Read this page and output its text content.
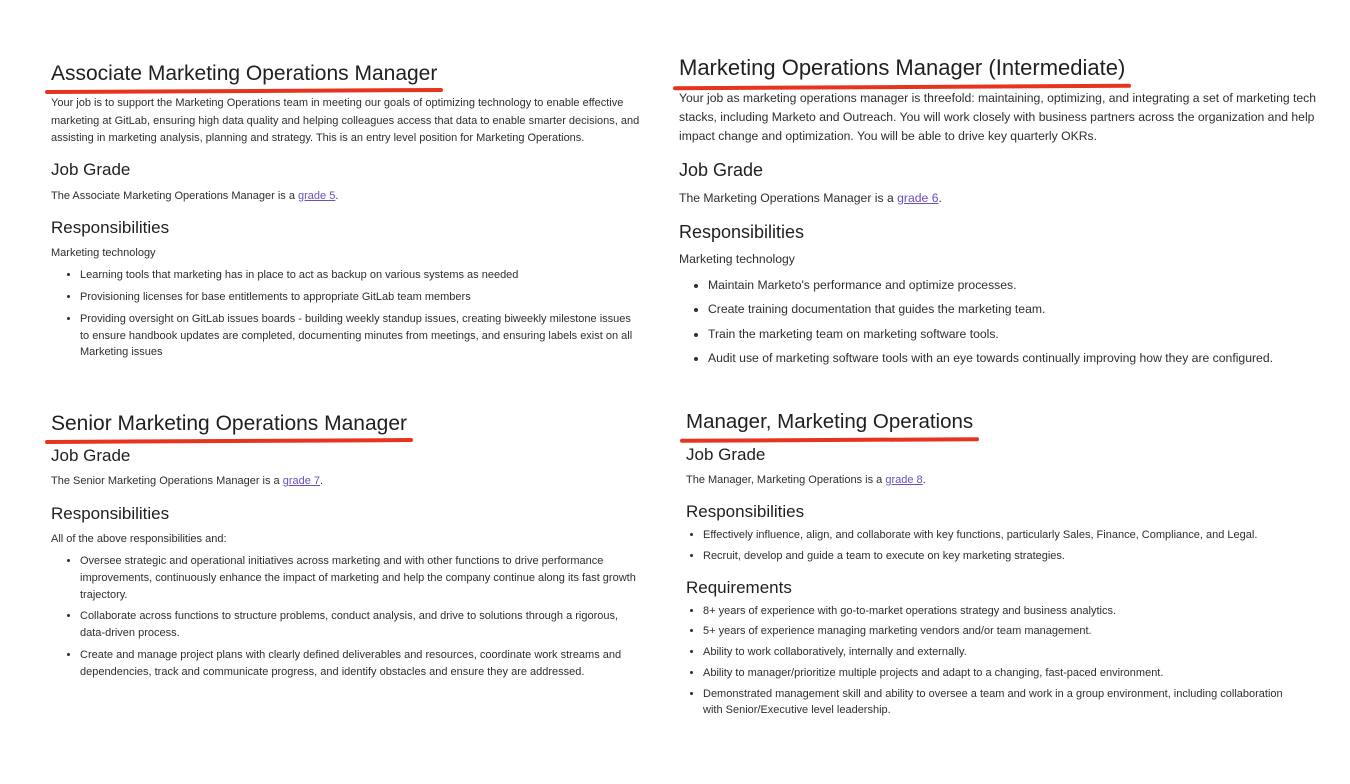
Associate Marketing Operations Manager

Your job is to support the Marketing Operations team in meeting our goals of optimizing technology to enable effective marketing at GitLab, ensuring high data quality and helping colleagues access that data to enable smarter decisions, and assisting in marketing analysis, planning and strategy. This is an entry level position for Marketing Operations.

Job Grade

The Associate Marketing Operations Manager is a grade 5.

Responsibilities

Marketing technology

• Learning tools that marketing has in place to act as backup on various systems as needed
• Provisioning licenses for base entitlements to appropriate GitLab team members
• Providing oversight on GitLab issues boards - building weekly standup issues, creating biweekly milestone issues to ensure handbook updates are completed, documenting minutes from meetings, and ensuring labels exist on all Marketing issues
Marketing Operations Manager (Intermediate)

Your job as marketing operations manager is threefold: maintaining, optimizing, and integrating a set of marketing tech stacks, including Marketo and Outreach. You will work closely with business partners across the organization and help impact change and optimization. You will be able to drive key quarterly OKRs.

Job Grade

The Marketing Operations Manager is a grade 6.

Responsibilities

Marketing technology

• Maintain Marketo's performance and optimize processes.
• Create training documentation that guides the marketing team.
• Train the marketing team on marketing software tools.
• Audit use of marketing software tools with an eye towards continually improving how they are configured.
Senior Marketing Operations Manager
Job Grade

The Senior Marketing Operations Manager is a grade 7.

Responsibilities

All of the above responsibilities and:

• Oversee strategic and operational initiatives across marketing and with other functions to drive performance improvements, continuously enhance the impact of marketing and help the company continue along its fast growth trajectory.
• Collaborate across functions to structure problems, conduct analysis, and drive to solutions through a rigorous, data-driven process.
• Create and manage project plans with clearly defined deliverables and resources, coordinate work streams and dependencies, track and communicate progress, and identify obstacles and ensure they are addressed.
Manager, Marketing Operations
Job Grade

The Manager, Marketing Operations is a grade 8.

Responsibilities
• Effectively influence, align, and collaborate with key functions, particularly Sales, Finance, Compliance, and Legal.
• Recruit, develop and guide a team to execute on key marketing strategies.
Requirements
• 8+ years of experience with go-to-market operations strategy and business analytics.
• 5+ years of experience managing marketing vendors and/or team management.
• Ability to work collaboratively, internally and externally.
• Ability to manager/prioritize multiple projects and adapt to a changing, fast-paced environment.
• Demonstrated management skill and ability to oversee a team and work in a group environment, including collaboration with Senior/Executive level leadership.
